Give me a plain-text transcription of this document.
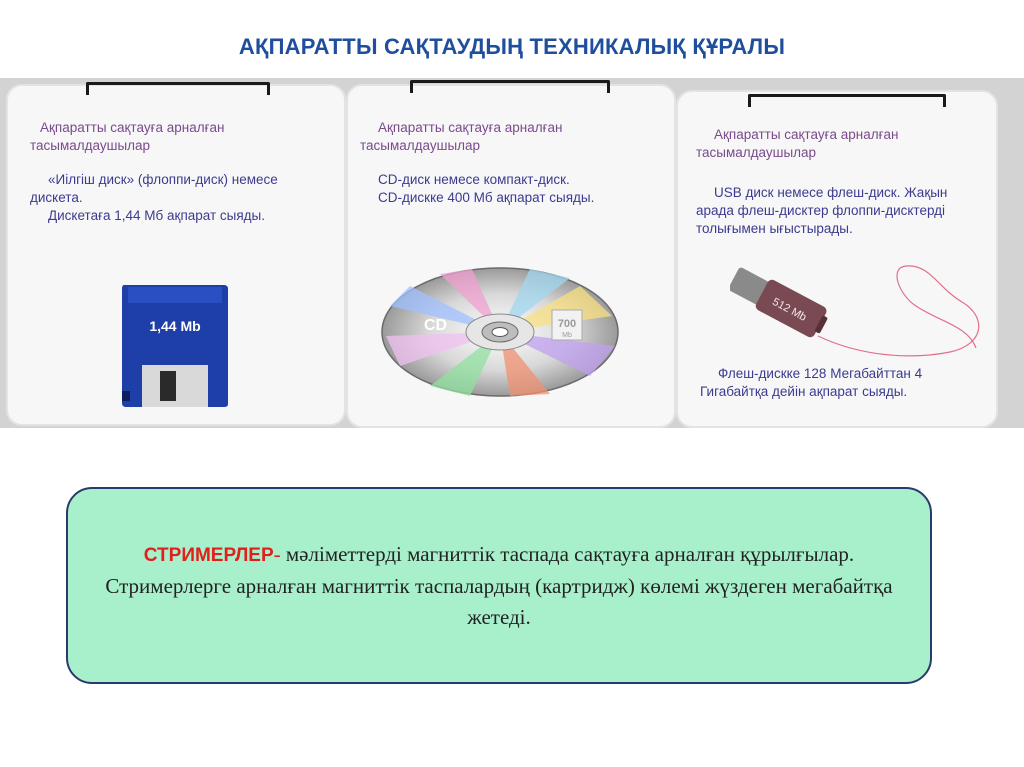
АҚПАРАТТЫ САҚТАУДЫҢ ТЕХНИКАЛЫҚ ҚҰРАЛЫ

Ақпаратты сақтауға арналған

тасымалдаушылар

«Иілгіш диск» (флоппи-диск) немесе

дискета.

Дискетаға 1,44 Мб ақпарат сыяды.

1,44 Mb

Ақпаратты сақтауға арналған

тасымалдаушылар

CD-диск немесе компакт-диск.

CD-дискке 400 Мб ақпарат сыяды.

CD	700
Mb

Ақпаратты сақтауға арналған

тасымалдаушылар

USB диск немесе флеш-диск. Жақын

арада флеш-дисктер флоппи-дисктерді

толығымен ығыстырады.

512 Mb

Флеш-дискке 128 Мегабайттан 4

Гигабайтқа дейін ақпарат сыяды.

СТРИМЕРЛЕР- мәліметтерді магниттік таспада сақтауға арналған құрылғылар. Стримерлерге арналған магниттік таспалардың (картридж) көлемі жүздеген мегабайтқа жетеді.
